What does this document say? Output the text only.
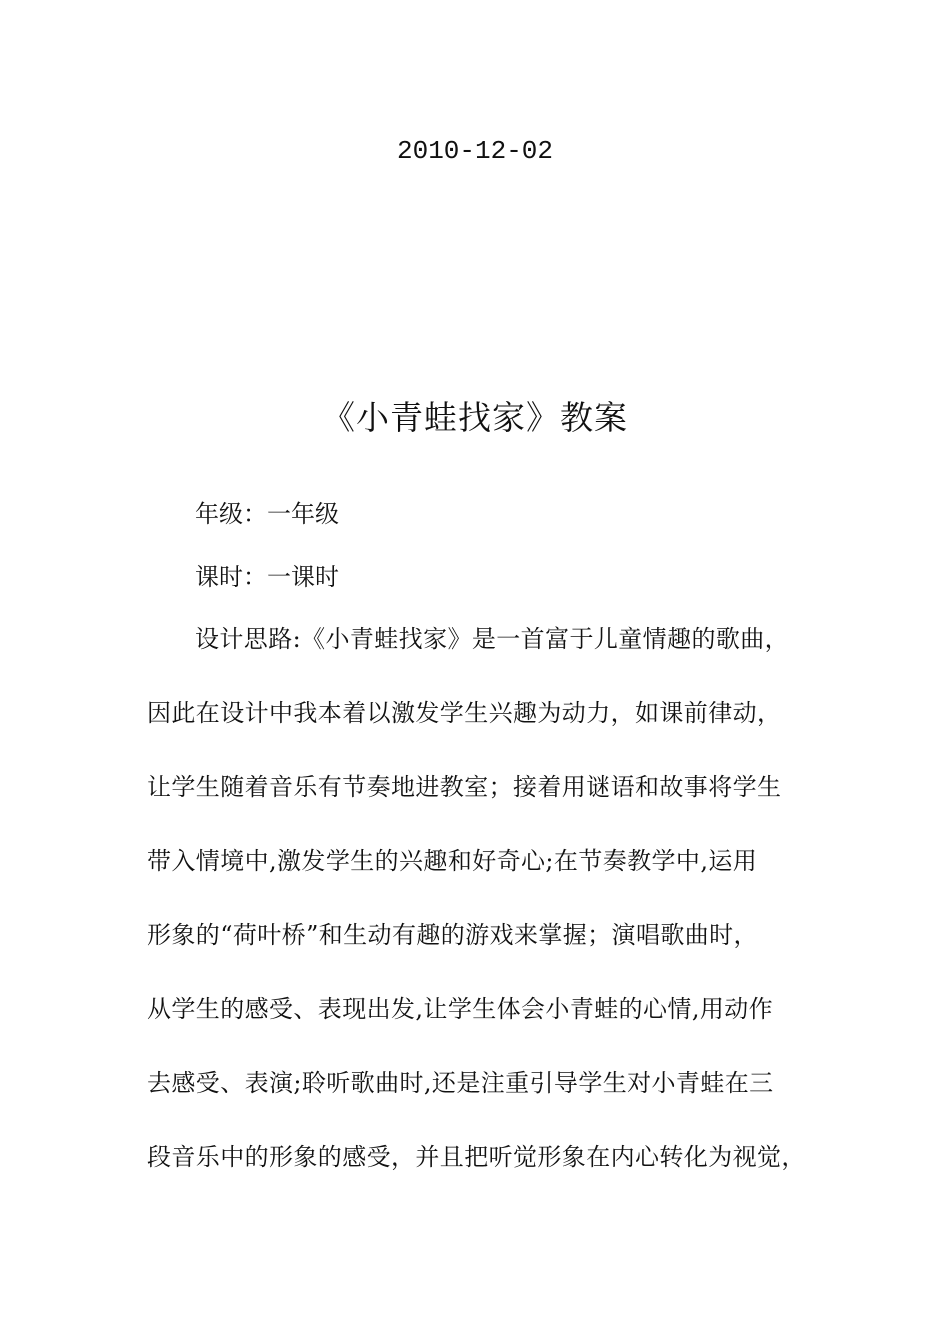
2010-12-02
《小青蛙找家》教案
年级：一年级
课时：一课时
设计思路:《小青蛙找家》是一首富于儿童情趣的歌曲，
因此在设计中我本着以激发学生兴趣为动力，如课前律动，
让学生随着音乐有节奏地进教室；接着用谜语和故事将学生
带入情境中,激发学生的兴趣和好奇心;在节奏教学中,运用
形象的“荷叶桥”和生动有趣的游戏来掌握；演唱歌曲时，
从学生的感受、表现出发,让学生体会小青蛙的心情,用动作
去感受、表演;聆听歌曲时,还是注重引导学生对小青蛙在三
段音乐中的形象的感受，并且把听觉形象在内心转化为视觉，
